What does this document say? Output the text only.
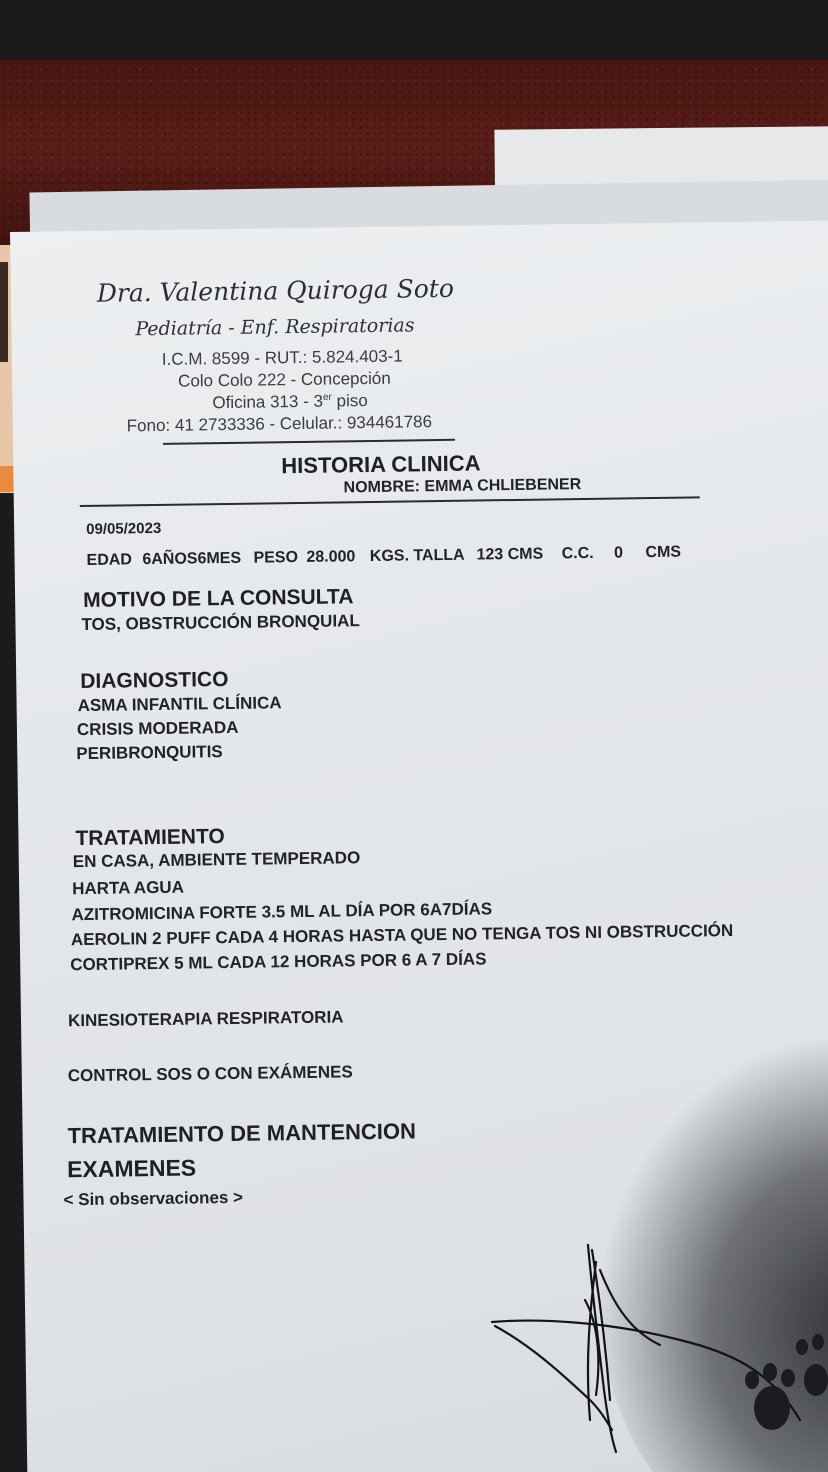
Dra. Valentina Quiroga Soto
Pediatría - Enf. Respiratorias
I.C.M. 8599 - RUT.: 5.824.403-1
Colo Colo 222 - Concepción
Oficina 313 - 3er piso
Fono: 41 2733336 - Celular.: 934461786
HISTORIA CLINICA
NOMBRE: EMMA CHLIEBENER
09/05/2023
EDAD 6AÑOS6MES PESO 28.000 KGS. TALLA 123 CMS C.C. 0 CMS
MOTIVO DE LA CONSULTA
TOS, OBSTRUCCIÓN BRONQUIAL
DIAGNOSTICO
ASMA INFANTIL CLÍNICA
CRISIS MODERADA
PERIBRONQUITIS
TRATAMIENTO
EN CASA, AMBIENTE TEMPERADO
HARTA AGUA
AZITROMICINA FORTE 3.5 ML AL DÍA POR 6A7DÍAS
AEROLIN 2 PUFF CADA 4 HORAS HASTA QUE NO TENGA TOS NI OBSTRUCCIÓN
CORTIPREX 5 ML CADA 12 HORAS POR 6 A 7 DÍAS
KINESIOTERAPIA RESPIRATORIA
CONTROL SOS O CON EXÁMENES
TRATAMIENTO DE MANTENCION
EXAMENES
< Sin observaciones >
